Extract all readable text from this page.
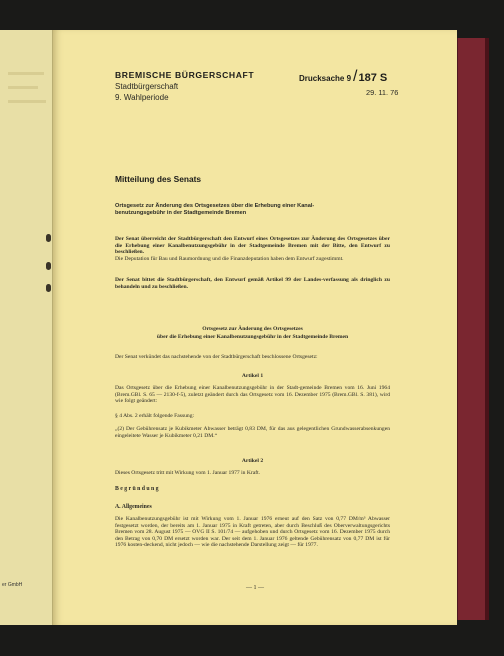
er GmbH
BREMISCHE BÜRGERSCHAFT
Stadtbürgerschaft
9. Wahlperiode
Drucksache 9 / 187 S
29. 11. 76
Mitteilung des Senats
Ortsgesetz zur Änderung des Ortsgesetzes über die Erhebung einer Kanal-benutzungsgebühr in der Stadtgemeinde Bremen
Der Senat überreicht der Stadtbürgerschaft den Entwurf eines Ortsgesetzes zur Änderung des Ortsgesetzes über die Erhebung einer Kanalbenutzungsgebühr in der Stadtgemeinde Bremen mit der Bitte, den Entwurf zu beschließen.
Die Deputation für Bau und Raumordnung und die Finanzdeputation haben dem Entwurf zugestimmt.
Der Senat bittet die Stadtbürgerschaft, den Entwurf gemäß Artikel 99 der Landes-verfassung als dringlich zu behandeln und zu beschließen.
Ortsgesetz zur Änderung des Ortsgesetzes
über die Erhebung einer Kanalbenutzungsgebühr in der Stadtgemeinde Bremen
Der Senat verkündet das nachstehende von der Stadtbürgerschaft beschlossene Ortsgesetz:
Artikel 1
Das Ortsgesetz über die Erhebung einer Kanalbenutzungsgebühr in der Stadt-gemeinde Bremen vom 16. Juni 1964 (Brem.GBl. S. 65 — 2130-f-5), zuletzt geändert durch das Ortsgesetz vom 16. Dezember 1975 (Brem.GBl. S. 381), wird wie folgt geändert:
§ 4 Abs. 2 erhält folgende Fassung:
„(2) Der Gebührensatz je Kubikmeter Abwasser beträgt 0,83 DM, für das aus gelegentlichen Grundwasserabsenkungen eingeleitete Wasser je Kubikmeter 0,21 DM.“
Artikel 2
Dieses Ortsgesetz tritt mit Wirkung vom 1. Januar 1977 in Kraft.
Begründung
A. Allgemeines
Die Kanalbenutzungsgebühr ist mit Wirkung vom 1. Januar 1976 erneut auf den Satz von 0,77 DM/m³ Abwasser festgesetzt worden, der bereits am 1. Januar 1975 in Kraft getreten, aber durch Beschluß des Oberverwaltungsgerichts Bremen vom 28. August 1975 — OVG II S. 101/74 — aufgehoben und durch Ortsgesetz vom 16. Dezember 1975 durch den Betrag von 0,70 DM ersetzt worden war. Der seit dem 1. Januar 1976 geltende Gebührensatz von 0,77 DM ist für 1976 kosten-deckend, nicht jedoch — wie die nachstehende Darstellung zeigt — für 1977.
— 1 —
